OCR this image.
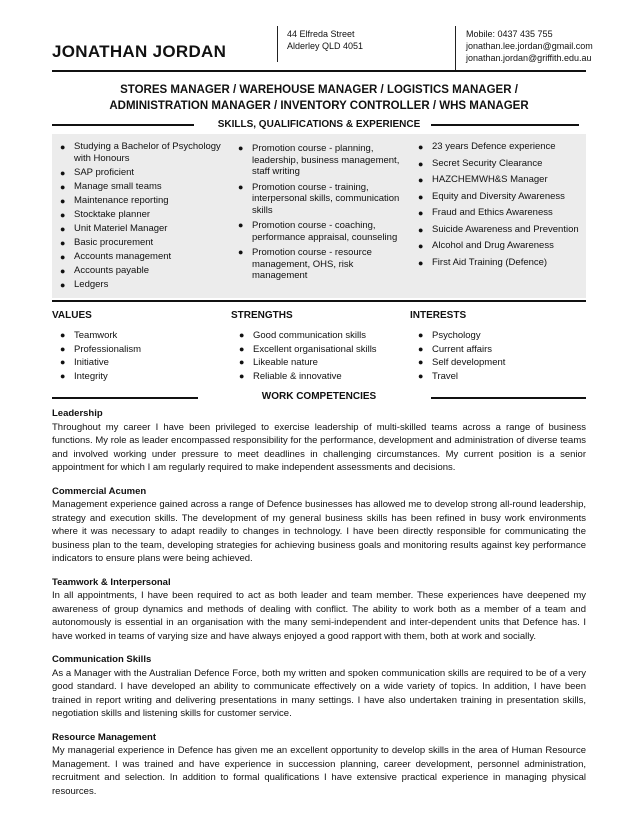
JONATHAN JORDAN
44 Elfreda Street
Alderley QLD 4051
Mobile: 0437 435 755
jonathan.lee.jordan@gmail.com
jonathan.jordan@griffith.edu.au
STORES MANAGER / WAREHOUSE MANAGER / LOGISTICS MANAGER /
ADMINISTRATION MANAGER / INVENTORY CONTROLLER / WHS MANAGER
SKILLS, QUALIFICATIONS & EXPERIENCE
● Studying a Bachelor of Psychology with Honours
● SAP proficient
● Manage small teams
● Maintenance reporting
● Stocktake planner
● Unit Materiel Manager
● Basic procurement
● Accounts management
● Accounts payable
● Ledgers
● Promotion course - planning, leadership, business management, staff writing
● Promotion course - training, interpersonal skills, communication skills
● Promotion course - coaching, performance appraisal, counseling
● Promotion course - resource management, OHS, risk management
● 23 years Defence experience
● Secret Security Clearance
● HAZCHEMWH&S Manager
● Equity and Diversity Awareness
● Fraud and Ethics Awareness
● Suicide Awareness and Prevention
● Alcohol and Drug Awareness
● First Aid Training (Defence)
VALUES
● Teamwork
● Professionalism
● Initiative
● Integrity
STRENGTHS
● Good communication skills
● Excellent organisational skills
● Likeable nature
● Reliable & innovative
INTERESTS
● Psychology
● Current affairs
● Self development
● Travel
WORK COMPETENCIES
Leadership

Throughout my career I have been privileged to exercise leadership of multi-skilled teams across a range of business functions. My role as leader encompassed responsibility for the performance, development and administration of diverse teams and involved working under pressure to meet deadlines in challenging circumstances. My current position is a senior appointment for which I am regularly required to make independent assessments and decisions.

Commercial Acumen

Management experience gained across a range of Defence businesses has allowed me to develop strong all-round leadership, strategy and execution skills. The development of my general business skills has been refined in busy work environments where it was necessary to adapt readily to changes in technology. I have been directly responsible for communicating the business plan to the team, developing strategies for achieving business goals and monitoring results against key performance indicators to ensure plans were being achieved.

Teamwork & Interpersonal

In all appointments, I have been required to act as both leader and team member. These experiences have deepened my awareness of group dynamics and methods of dealing with conflict. The ability to work both as a member of a team and autonomously is essential in an organisation with the many semi-independent and inter-dependent units that Defence has. I have worked in teams of varying size and have always enjoyed a good rapport with them, both at work and socially.

Communication Skills

As a Manager with the Australian Defence Force, both my written and spoken communication skills are required to be of a very good standard. I have developed an ability to communicate effectively on a wide variety of topics. In addition, I have been trained in report writing and delivering presentations in many settings. I have also undertaken training in presentation skills, negotiation skills and listening skills for customer service.

Resource Management

My managerial experience in Defence has given me an excellent opportunity to develop skills in the area of Human Resource Management. I was trained and have experience in succession planning, career development, personnel administration, recruitment and selection. In addition to formal qualifications I have extensive practical experience in managing physical resources.
